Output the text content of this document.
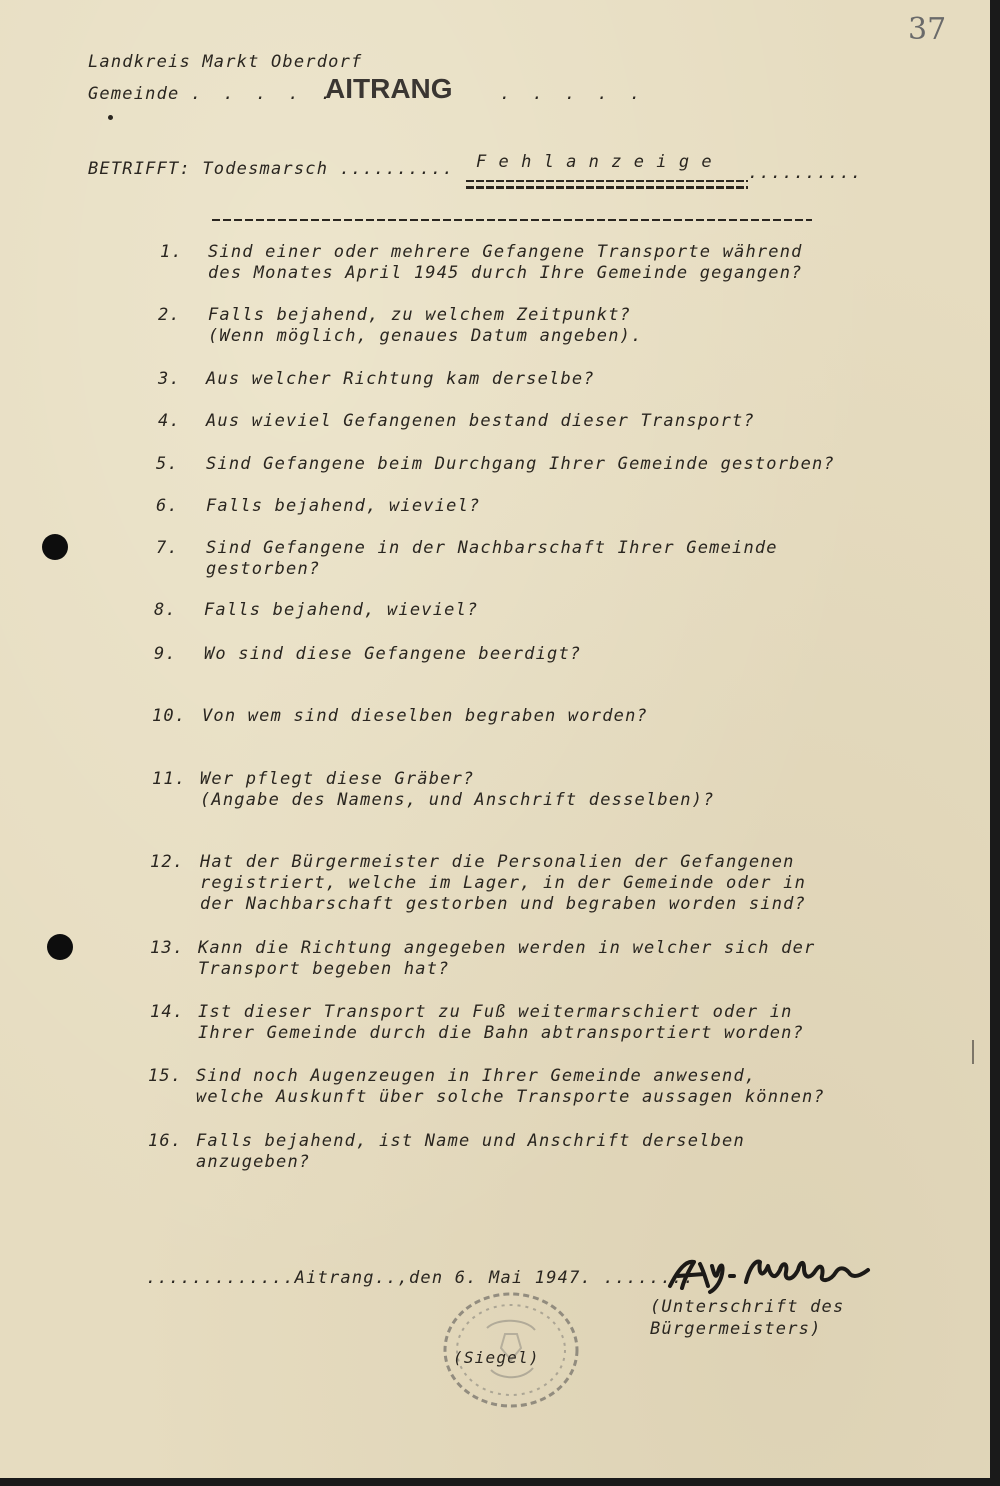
37
Landkreis Markt Oberdorf
Gemeinde . . . . .
AITRANG	. . . . .
BETRIFFT: Todesmarsch .......... Fehlanzeige
..........
1. Sind einer oder mehrere Gefangene Transporte während
des Monates April 1945 durch Ihre Gemeinde gegangen?
2. Falls bejahend, zu welchem Zeitpunkt?
(Wenn möglich, genaues Datum angeben).
3. Aus welcher Richtung kam derselbe?
4. Aus wieviel Gefangenen bestand dieser Transport?
5. Sind Gefangene beim Durchgang Ihrer Gemeinde gestorben?
6. Falls bejahend, wieviel?
7. Sind Gefangene in der Nachbarschaft Ihrer Gemeinde
gestorben?
8. Falls bejahend, wieviel?
9. Wo sind diese Gefangene beerdigt?
10. Von wem sind dieselben begraben worden?
11. Wer pflegt diese Gräber?
(Angabe des Namens, und Anschrift desselben)?
12. Hat der Bürgermeister die Personalien der Gefangenen
registriert, welche im Lager, in der Gemeinde oder in
der Nachbarschaft gestorben und begraben worden sind?
13. Kann die Richtung angegeben werden in welcher sich der
Transport begeben hat?
14. Ist dieser Transport zu Fuß weitermarschiert oder in
Ihrer Gemeinde durch die Bahn abtransportiert worden?
15. Sind noch Augenzeugen in Ihrer Gemeinde anwesend,
welche Auskunft über solche Transporte aussagen können?
16. Falls bejahend, ist Name und Anschrift derselben
anzugeben?
.............Aitrang..,den 6. Mai 1947. ........
(Unterschrift des
Bürgermeisters)
(Siegel)
